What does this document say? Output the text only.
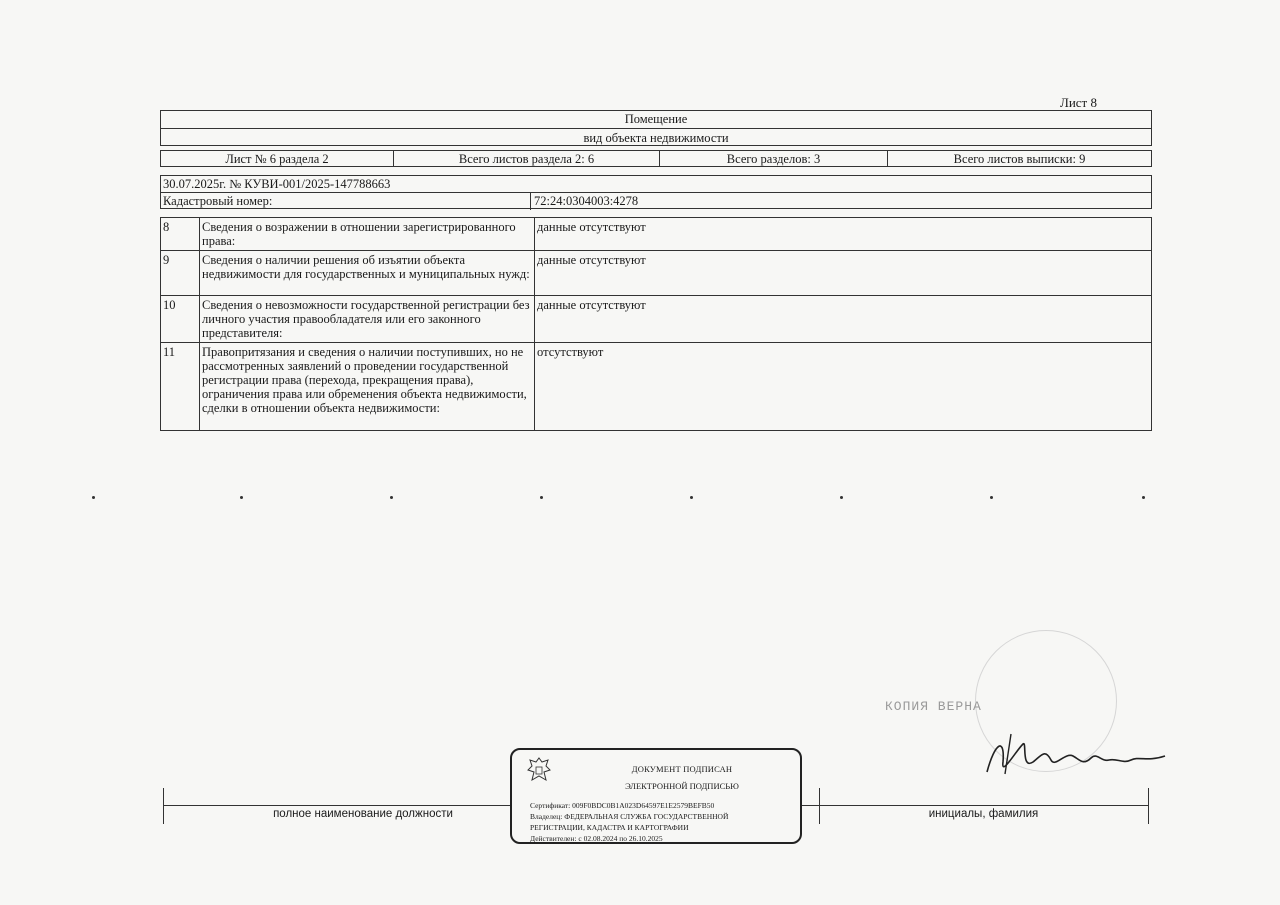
Лист 8
Помещение
вид объекта недвижимости
Лист № 6 раздела 2	Всего листов раздела 2: 6	Всего разделов: 3	Всего листов выписки: 9
30.07.2025г. № КУВИ-001/2025-147788663
Кадастровый номер:	72:24:0304003:4278
8	Сведения о возражении в отношении зарегистрированного права:	данные отсутствуют
9	Сведения о наличии решения об изъятии объекта недвижимости для государственных и муниципальных нужд:	данные отсутствуют
10	Сведения о невозможности государственной регистрации без личного участия правообладателя или его законного представителя:	данные отсутствуют
11	Правопритязания и сведения о наличии поступивших, но не рассмотренных заявлений о проведении государственной регистрации права (перехода, прекращения права), ограничения права или обременения объекта недвижимости, сделки в отношении объекта недвижимости:	отсутствуют
КОПИЯ ВЕРНА
полное наименование должности	инициалы, фамилия
ДОКУМЕНТ ПОДПИСАН
ЭЛЕКТРОННОЙ ПОДПИСЬЮ
Сертификат: 009F0BDC0B1A023D64597E1E2579BEFB50
Владелец: ФЕДЕРАЛЬНАЯ СЛУЖБА ГОСУДАРСТВЕННОЙ
РЕГИСТРАЦИИ, КАДАСТРА И КАРТОГРАФИИ
Действителен: с 02.08.2024 по 26.10.2025
